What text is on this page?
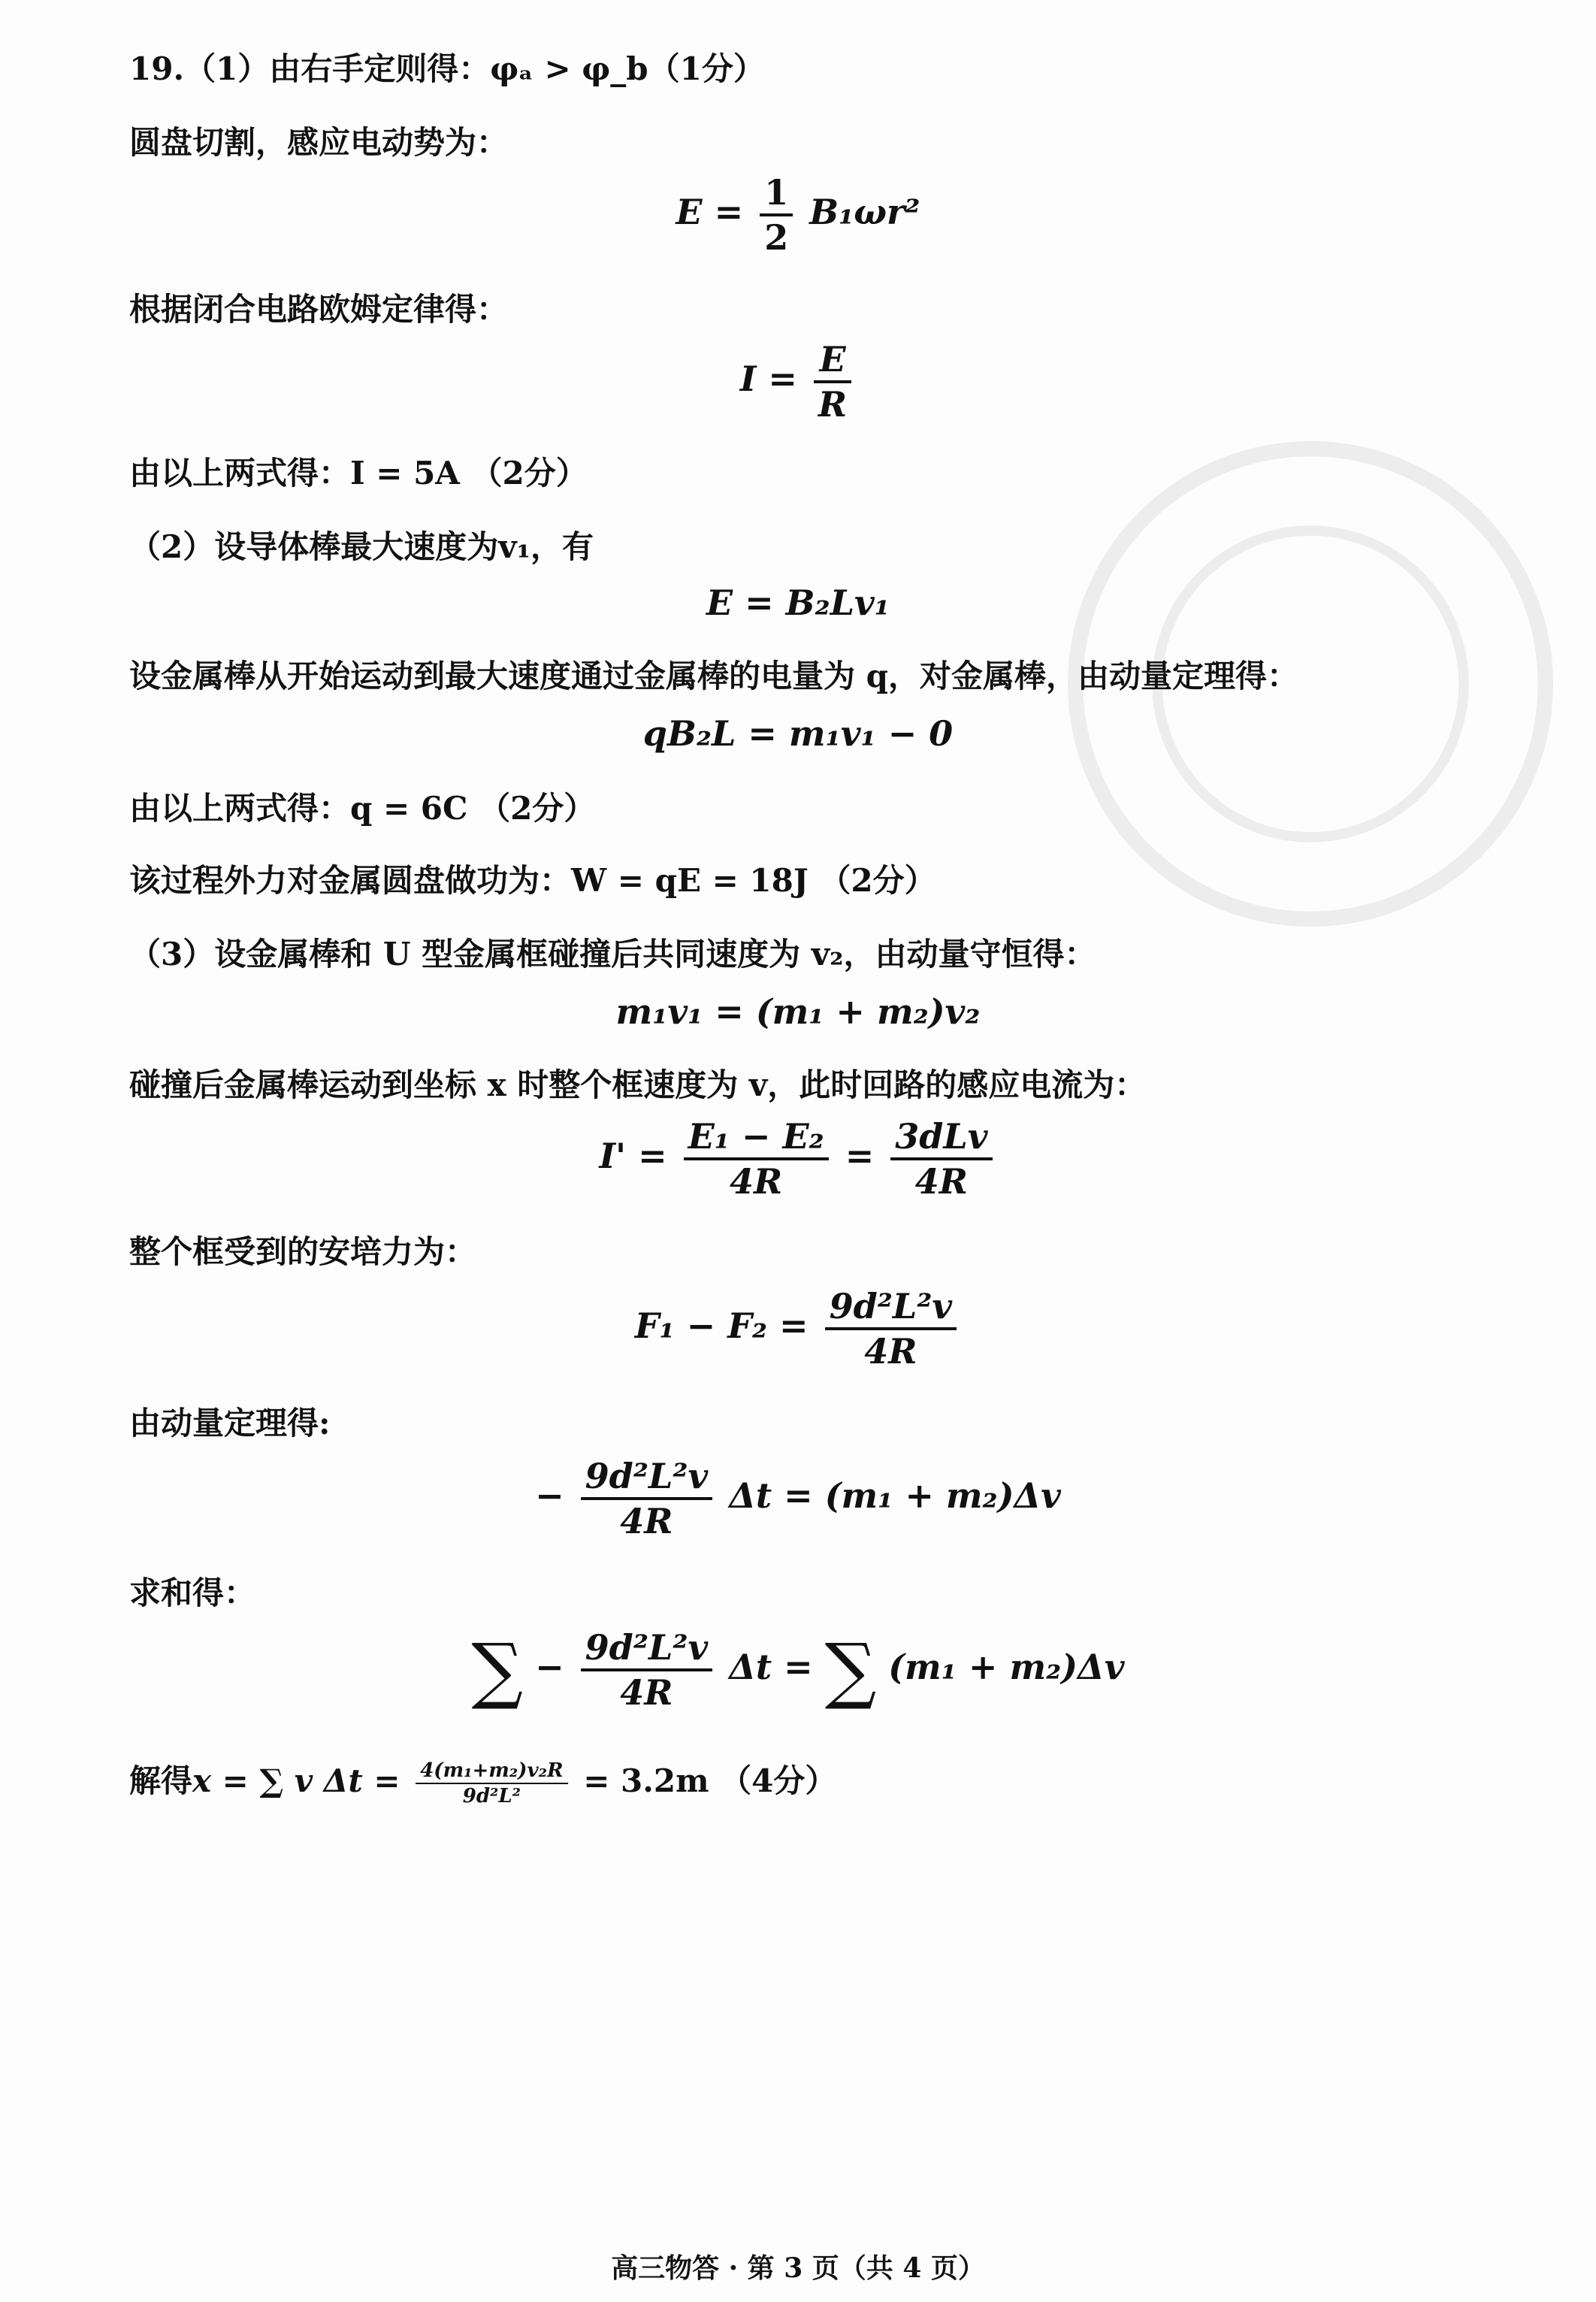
19.（1）由右手定则得：φₐ > φ_b（1分）
圆盘切割，感应电动势为：
$E = \frac{1}{2} B_1\omega r^2$
根据闭合电路欧姆定律得：
$I = \frac{E}{R}$
由以上两式得：I = 5A （2分）
（2）设导体棒最大速度为v₁，有
E = B₂Lv₁
设金属棒从开始运动到最大速度通过金属棒的电量为 q，对金属棒，由动量定理得：
qB₂L = m₁v₁ − 0
由以上两式得：q = 6C （2分）
该过程外力对金属圆盘做功为：W = qE = 18J （2分）
（3）设金属棒和 U 型金属框碰撞后共同速度为 v₂，由动量守恒得：
m₁v₁ = (m₁ + m₂)v₂
碰撞后金属棒运动到坐标 x 时整个框速度为 v，此时回路的感应电流为：
$I' = \frac{\text{E₁ − E₂}}{4R} = \frac{\text{3dLv}}{4R}$
整个框受到的安培力为：
$F_1 - F_2 = \frac{\text{9d²L²v}}{4R}$
由动量定理得:
− $\frac{\text{9d²L²v}}{4R}$ Δt = (m₁ + m₂)Δv
求和得：
∑ − $\frac{\text{9d²L²v}}{4R}$ Δt = ∑ (m₁ + m₂)Δv
解得x = ∑ v $\Delta t = \frac{\text{4(m₁+m₂)v₂R}}{\text{9d²L²}} = 3.2m$ （4分）
高三物答 · 第 3 页（共 4 页）
